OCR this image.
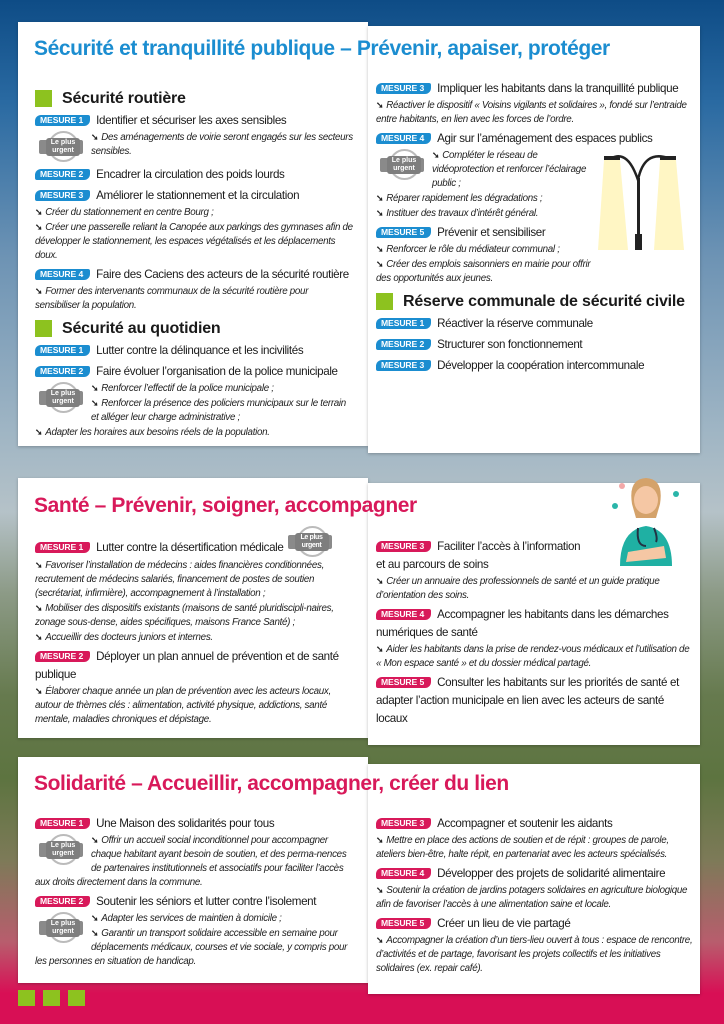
Sécurité et tranquillité publique – Prévenir, apaiser, protéger
Sécurité routière
MESURE 1 Identifier et sécuriser les axes sensibles
Le plus urgent
➘ Des aménagements de voirie seront engagés sur les secteurs sensibles.
MESURE 2 Encadrer la circulation des poids lourds
MESURE 3 Améliorer le stationnement et la circulation
➘ Créer du stationnement en centre Bourg ;
➘ Créer une passerelle reliant la Canopée aux parkings des gymnases afin de développer le stationnement, les espaces végétalisés et les déplacements doux.
MESURE 4 Faire des Caciens des acteurs de la sécurité routière
➘ Former des intervenants communaux de la sécurité routière pour sensibiliser la population.
Sécurité au quotidien
MESURE 1 Lutter contre la délinquance et les incivilités
MESURE 2 Faire évoluer l’organisation de la police municipale
Le plus urgent
➘ Renforcer l’effectif de la police municipale ;
➘ Renforcer la présence des policiers municipaux sur le terrain et alléger leur charge administrative ;
➘ Adapter les horaires aux besoins réels de la population.
MESURE 3 Impliquer les habitants dans la tranquillité publique
➘ Réactiver le dispositif « Voisins vigilants et solidaires », fondé sur l’entraide entre habitants, en lien avec les forces de l’ordre.
MESURE 4 Agir sur l’aménagement des espaces publics
Le plus urgent
➘ Compléter le réseau de vidéoprotection et renforcer l’éclairage public ;
➘ Réparer rapidement les dégradations ;
➘ Instituer des travaux d’intérêt général.
MESURE 5 Prévenir et sensibiliser
➘ Renforcer le rôle du médiateur communal ;
➘ Créer des emplois saisonniers en mairie pour offrir des opportunités aux jeunes.
Réserve communale de sécurité civile
MESURE 1 Réactiver la réserve communale
MESURE 2 Structurer son fonctionnement
MESURE 3 Développer la coopération intercommunale
Santé – Prévenir, soigner, accompagner
MESURE 1 Lutter contre la désertification médicale
Le plus urgent
➘ Favoriser l’installation de médecins : aides financières conditionnées, recrutement de médecins salariés, financement de postes de soutien (secrétariat, infirmière), accompagnement à l’installation ;
➘ Mobiliser des dispositifs existants (maisons de santé pluridiscipli-naires, zonage sous-dense, aides spécifiques, maisons France Santé) ;
➘ Accueillir des docteurs juniors et internes.
MESURE 2 Déployer un plan annuel de prévention et de santé publique
➘ Élaborer chaque année un plan de prévention avec les acteurs locaux, autour de thèmes clés : alimentation, activité physique, addictions, santé mentale, maladies chroniques et dépistage.
MESURE 3 Faciliter l’accès à l’information et au parcours de soins
➘ Créer un annuaire des professionnels de santé et un guide pratique d’orientation des soins.
MESURE 4 Accompagner les habitants dans les démarches numériques de santé
➘ Aider les habitants dans la prise de rendez-vous médicaux et l’utilisation de « Mon espace santé » et du dossier médical partagé.
MESURE 5 Consulter les habitants sur les priorités de santé et adapter l’action municipale en lien avec les acteurs de santé locaux
Solidarité – Accueillir, accompagner, créer du lien
MESURE 1 Une Maison des solidarités pour tous
Le plus urgent
➘ Offrir un accueil social inconditionnel pour accompagner chaque habitant ayant besoin de soutien, et des perma-nences de partenaires institutionnels et associatifs pour faciliter l’accès aux droits directement dans la commune.
MESURE 2 Soutenir les séniors et lutter contre l’isolement
Le plus urgent
➘ Adapter les services de maintien à domicile ;
➘ Garantir un transport solidaire accessible en semaine pour déplacements médicaux, courses et vie sociale, y compris pour les personnes en situation de handicap.
MESURE 3 Accompagner et soutenir les aidants
➘ Mettre en place des actions de soutien et de répit : groupes de parole, ateliers bien-être, halte répit, en partenariat avec les acteurs spécialisés.
MESURE 4 Développer des projets de solidarité alimentaire
➘ Soutenir la création de jardins potagers solidaires en agriculture biologique afin de favoriser l’accès à une alimentation saine et locale.
MESURE 5 Créer un lieu de vie partagé
➘ Accompagner la création d’un tiers-lieu ouvert à tous : espace de rencontre, d’activités et de partage, favorisant les projets collectifs et les initiatives solidaires (ex. repair café).
